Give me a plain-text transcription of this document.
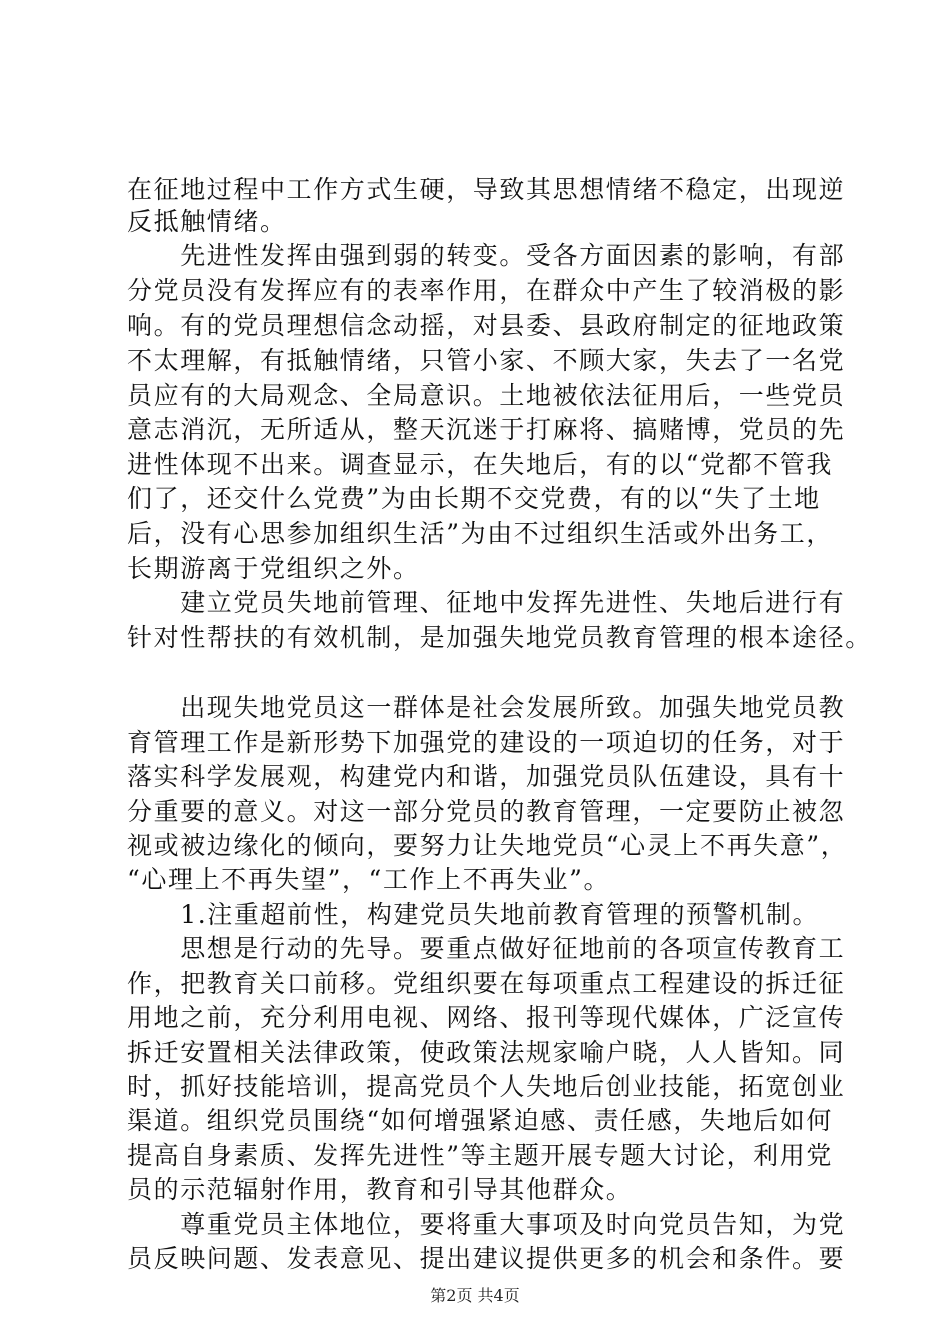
在征地过程中工作方式生硬，导致其思想情绪不稳定，出现逆
反抵触情绪。
　　先进性发挥由强到弱的转变。受各方面因素的影响，有部
分党员没有发挥应有的表率作用，在群众中产生了较消极的影
响。有的党员理想信念动摇，对县委、县政府制定的征地政策
不太理解，有抵触情绪，只管小家、不顾大家，失去了一名党
员应有的大局观念、全局意识。土地被依法征用后，一些党员
意志消沉，无所适从，整天沉迷于打麻将、搞赌博，党员的先
进性体现不出来。调查显示，在失地后，有的以“党都不管我
们了，还交什么党费”为由长期不交党费，有的以“失了土地
后，没有心思参加组织生活”为由不过组织生活或外出务工，
长期游离于党组织之外。
　　建立党员失地前管理、征地中发挥先进性、失地后进行有
针对性帮扶的有效机制，是加强失地党员教育管理的根本途径。
　　出现失地党员这一群体是社会发展所致。加强失地党员教
育管理工作是新形势下加强党的建设的一项迫切的任务，对于
落实科学发展观，构建党内和谐，加强党员队伍建设，具有十
分重要的意义。对这一部分党员的教育管理，一定要防止被忽
视或被边缘化的倾向，要努力让失地党员“心灵上不再失意”，
“心理上不再失望”，“工作上不再失业”。
　　1.注重超前性，构建党员失地前教育管理的预警机制。
　　思想是行动的先导。要重点做好征地前的各项宣传教育工
作，把教育关口前移。党组织要在每项重点工程建设的拆迁征
用地之前，充分利用电视、网络、报刊等现代媒体，广泛宣传
拆迁安置相关法律政策，使政策法规家喻户晓，人人皆知。同
时，抓好技能培训，提高党员个人失地后创业技能，拓宽创业
渠道。组织党员围绕“如何增强紧迫感、责任感，失地后如何
提高自身素质、发挥先进性”等主题开展专题大讨论，利用党
员的示范辐射作用，教育和引导其他群众。
　　尊重党员主体地位，要将重大事项及时向党员告知，为党
员反映问题、发表意见、提出建议提供更多的机会和条件。要
第2页 共4页
